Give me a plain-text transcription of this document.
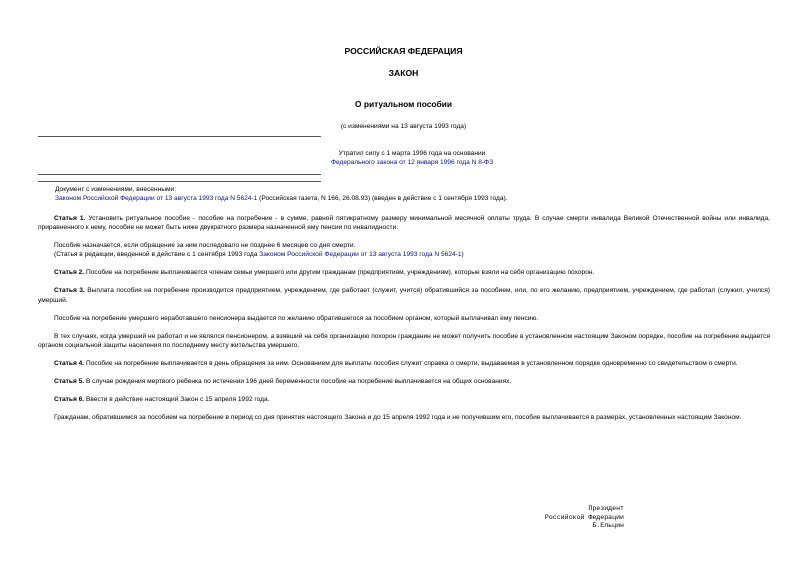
РОССИЙСКАЯ ФЕДЕРАЦИЯ
ЗАКОН
О ритуальном пособии
(с изменениями на 13 августа 1993 года)
Утратил силу с 1 марта 1996 года на основании
Федерального закона от 12 января 1996 года N 8-ФЗ
Документ с изменениями, внесенными:
Законом Российской Федерации от 13 августа 1993 года N 5624-1 (Российская газета, N 166, 26.08.93) (введен в действие с 1 сентября 1993 года).

Статья 1. Установить ритуальное пособие - пособие на погребение - в сумме, равной пятикратному размеру минимальной месячной оплаты труда. В случае смерти инвалида Великой Отечественной войны или инвалида, приравненного к нему, пособие не может быть ниже двукратного размера назначенной ему пенсии по инвалидности.

Пособие назначается, если обращение за ним последовало не позднее 6 месяцев со дня смерти.

(Статья в редакции, введенной в действие с 1 сентября 1993 года Законом Российской Федерации от 13 августа 1993 года N 5624-1)

Статья 2. Пособие на погребение выплачивается членам семьи умершего или другим гражданам (предприятиям, учреждениям), которые взяли на себя организацию похорон.

Статья 3. Выплата пособия на погребение производится предприятием, учреждением, где работает (служит, учится) обратившийся за пособием, или, по его желанию, предприятием, учреждением, где работал (служил, учился) умерший.

Пособие на погребение умершего неработавшего пенсионера выдается по желанию обратившегося за пособием органом, который выплачивал ему пенсию.

В тех случаях, когда умерший не работал и не являлся пенсионером, а взявший на себя организацию похорон гражданин не может получить пособие в установленном настоящим Законом порядке, пособие на погребение выдается органом социальной защиты населения по последнему месту жительства умершего.

Статья 4. Пособие на погребение выплачивается в день обращения за ним. Основанием для выплаты пособия служит справка о смерти, выдаваемая в установленном порядке одновременно со свидетельством о смерти.

Статья 5. В случае рождения мертвого ребенка по истечении 196 дней беременности пособие на погребение выплачивается на общих основаниях.

Статья 6. Ввести в действие настоящий Закон с 15 апреля 1992 года.

Гражданам, обратившимся за пособием на погребение в период со дня принятия настоящего Закона и до 15 апреля 1992 года и не получившим его, пособие выплачивается в размерах, установленных настоящим Законом.

Президент
Российской Федерации
Б.Ельцин
